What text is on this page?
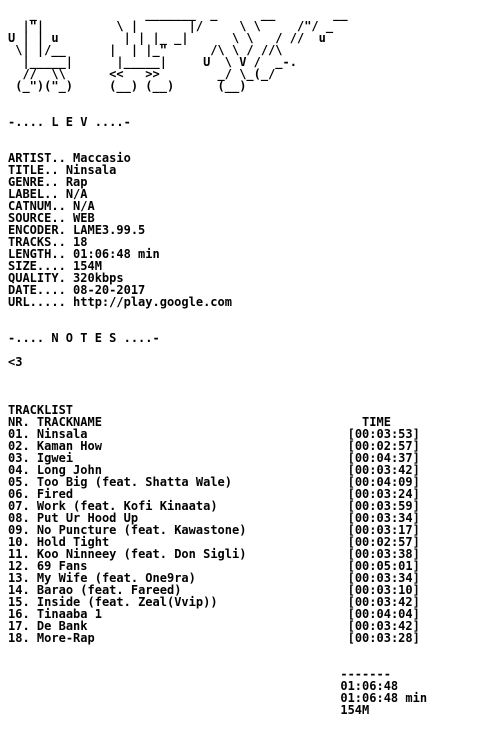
_               _______  _      __        __
|"|          \ |       |/     \ \     /"/ _
U | | u         | | |_ _|      \ \   / //  u
\| |/__      |  | |_"      /\ \ / //\
|_____|      |_____|     U  \ V /  _-.
//  \\      <<   >>        _/ \_(_/
(_")("_)     (__) (__)      (__)
-.... L E V ....-
ARTIST.. Maccasio
TITLE.. Ninsala
GENRE.. Rap
LABEL.. N/A
CATNUM.. N/A
SOURCE.. WEB
ENCODER. LAME3.99.5
TRACKS.. 18
LENGTH.. 01:06:48 min
SIZE.... 154M
QUALITY. 320kbps
DATE.... 08-20-2017
URL..... http://play.google.com
-.... N O T E S ....-
<3
TRACKLIST
NR. TRACKNAME	TIME
01. Ninsala	[00:03:53]
02. Kaman How	[00:02:57]
03. Igwei	[00:04:37]
04. Long John	[00:03:42]
05. Too Big (feat. Shatta Wale)	[00:04:09]
06. Fired	[00:03:24]
07. Work (feat. Kofi Kinaata)	[00:03:59]
08. Put Ur Hood Up	[00:03:34]
09. No Puncture (feat. Kawastone)	[00:03:17]
10. Hold Tight	[00:02:57]
11. Koo Ninneey (feat. Don Sigli)	[00:03:38]
12. 69 Fans	[00:05:01]
13. My Wife (feat. One9ra)	[00:03:34]
14. Barao (feat. Fareed)	[00:03:10]
15. Inside (feat. Zeal(Vvip))	[00:03:42]
16. Tinaaba 1	[00:04:04]
17. De Bank	[00:03:42]
18. More-Rap	[00:03:28]
-------
01:06:48
01:06:48 min
154M
